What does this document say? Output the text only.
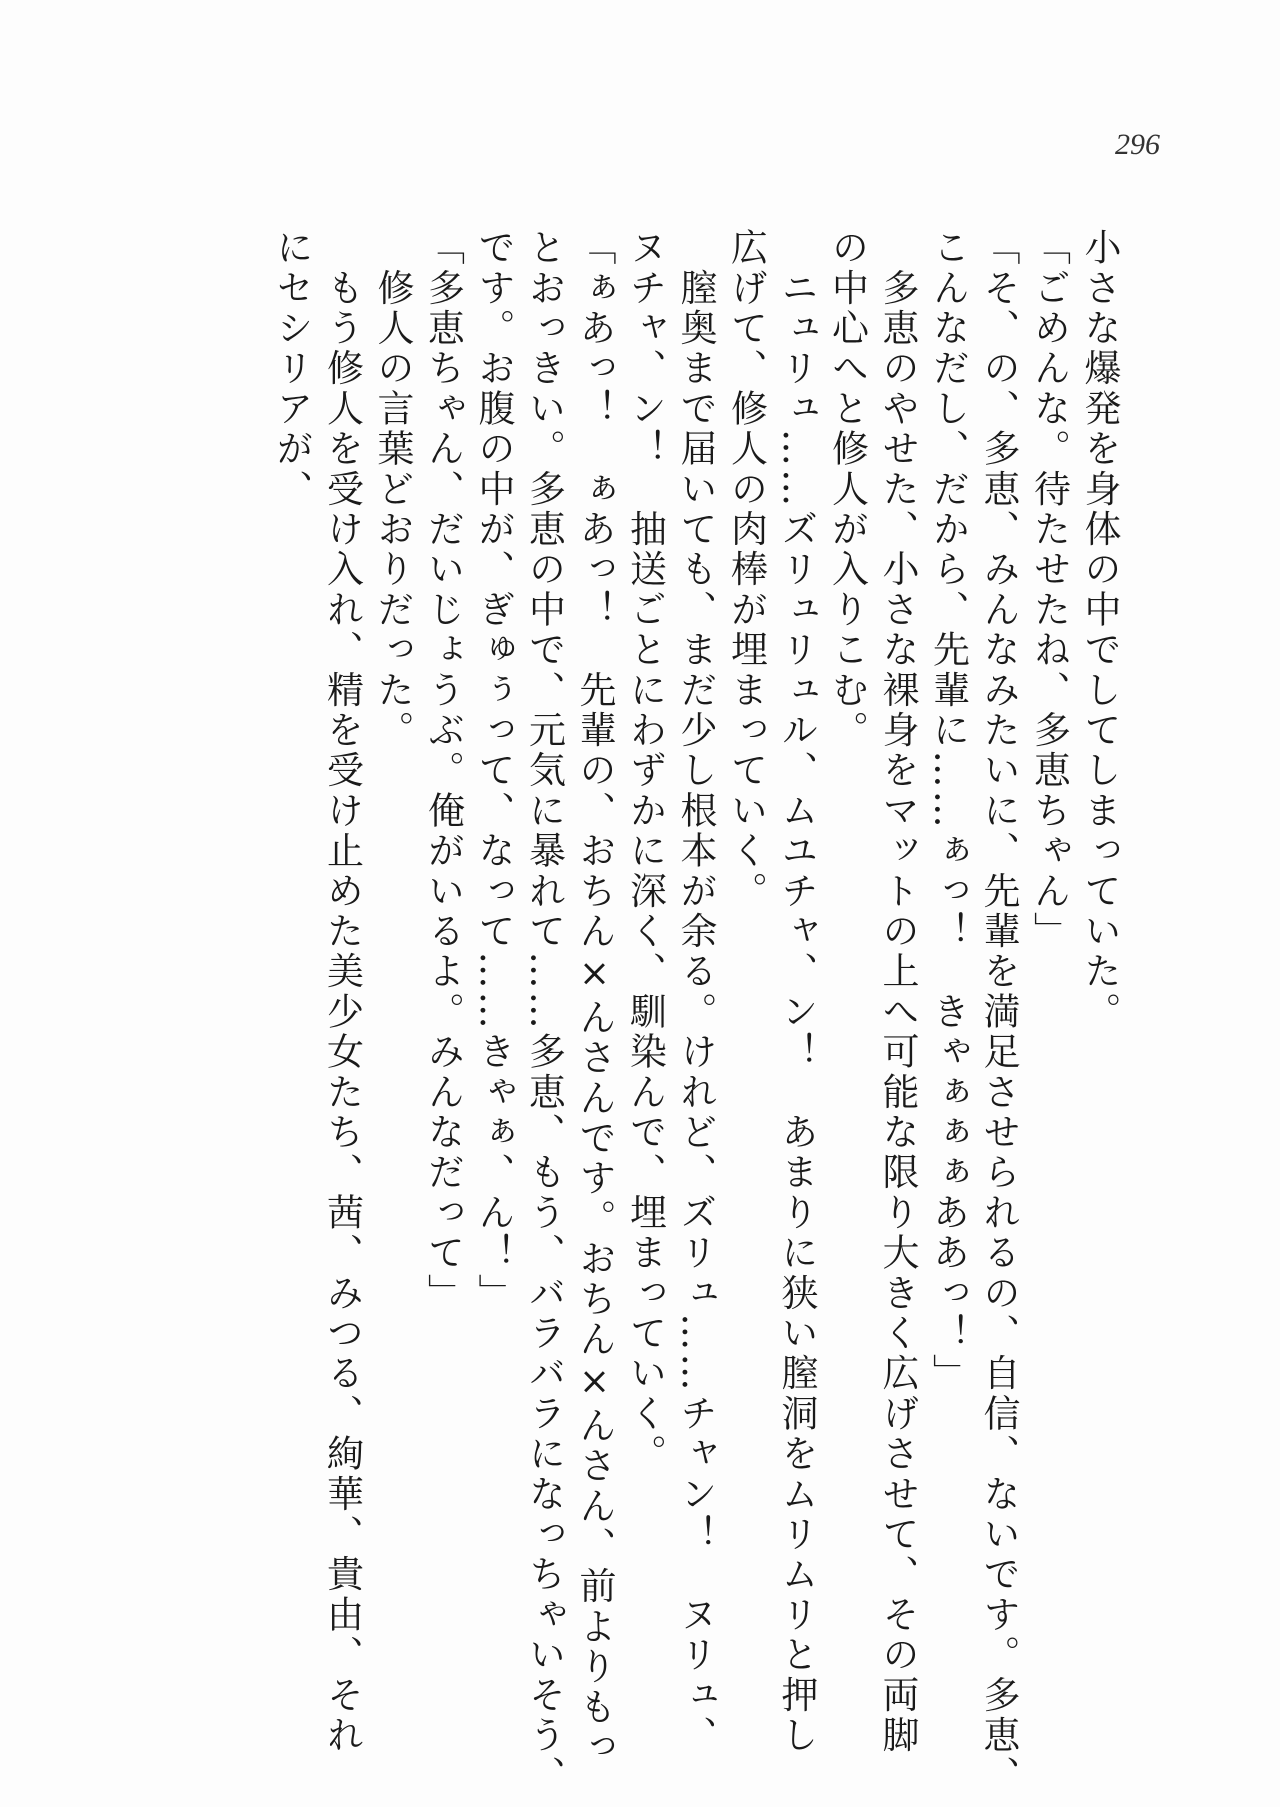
296
小さな爆発を身体の中でしてしまっていた。
「ごめんな。待たせたね、多恵ちゃん」
「そ、の、多恵、みんなみたいに、先輩を満足させられるの、自信、ないです。多恵、
こんなだし、だから、先輩に……ぁっ！　きゃぁぁぁああっ！」
　多恵のやせた、小さな裸身をマットの上へ可能な限り大きく広げさせて、その両脚
の中心へと修人が入りこむ。
　ニュリュ……ズリュリュル、ムユチャ、ン！　あまりに狭い膣洞をムリムリと押し
広げて、修人の肉棒が埋まっていく。
　膣奥まで届いても、まだ少し根本が余る。けれど、ズリュ……チャン！　ヌリュ、
ヌチャ、ン！　抽送ごとにわずかに深く、馴染んで、埋まっていく。
「ぁあっ！　ぁあっ！　先輩の、おちん×んさんです。おちん×んさん、前よりもっ
とおっきい。多恵の中で、元気に暴れて……多恵、もう、バラバラになっちゃいそう、
です。お腹の中が、ぎゅぅって、なって……きゃぁ、ん！」
「多恵ちゃん、だいじょうぶ。俺がいるよ。みんなだって」
　修人の言葉どおりだった。
　もう修人を受け入れ、精を受け止めた美少女たち、茜、みつる、絢華、貴由、それ
にセシリアが、
